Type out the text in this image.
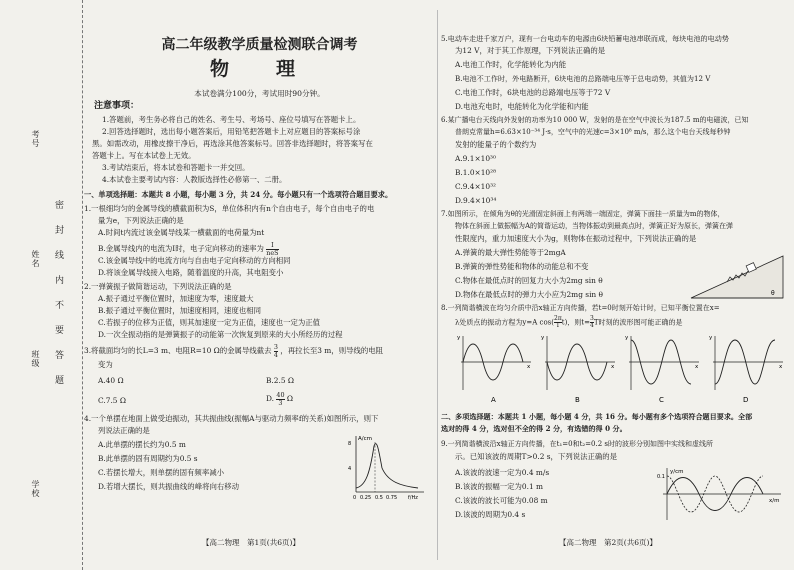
考号
姓名
班级
学校
密
封
线
内
不
要
答
题
高二年级教学质量检测联合调考
物　理
本试卷满分100分，考试用时90分钟。
注意事项：
1.答题前，考生务必将自己的姓名、考生号、考场号、座位号填写在答题卡上。
2.回答选择题时，选出每小题答案后，用铅笔把答题卡上对应题目的答案标号涂
黑。如需改动，用橡皮擦干净后，再选涂其他答案标号。回答非选择题时，将答案写在
答题卡上。写在本试卷上无效。
3.考试结束后，将本试卷和答题卡一并交回。
4.本试卷主要考试内容：人教版选择性必修第一、二册。
一、单项选择题：本题共 8 小题，每小题 3 分，共 24 分。每小题只有一个选项符合题目要求。
1.一根细均匀的金属导线的横截面积为S，单位体积内有n个自由电子，每个自由电子的电
量为e，下列说法正确的是
A.时间t内流过该金属导线某一横截面的电荷量为nt
B.金属导线内的电流为I时，电子定向移动的速率为	I
neS
C.该金属导线中的电流方向与自由电子定向移动的方向相同
D.将该金属导线接入电路，随着温度的升高，其电阻变小
2.一弹簧振子做简谐运动，下列说法正确的是
A.振子通过平衡位置时，加速度为零，速度最大
B.振子通过平衡位置时，加速度相同，速度也相同
C.若振子的位移为正值，则其加速度一定为正值，速度也一定为正值
D.一次全振动指的是弹簧振子的动能第一次恢复到原来的大小所经历的过程
3.将截面均匀的长L=3 m、电阻R=10 Ω的金属导线截去 $\frac{3}{4}$ ，再拉长至3 m，则导线的电阻
变为
A.40 Ω	B.2.5 Ω
C.7.5 Ω	D. $\frac{40}{3}$ Ω
4.一个单摆在地面上做受迫振动，其共振曲线(振幅A与驱动力频率f的关系)如图所示，则下
列说法正确的是
A.此单摆的摆长约为0.5 m
B.此单摆的固有周期约为0.5 s
C.若摆长增大，则单摆的固有频率减小
D.若增大摆长，则共振曲线的峰将向右移动
A/cm
8
4
0 0.25 0.5 0.75 f/Hz
【高二物理　第1页(共6页)】
5.电动车走进千家万户，现有一台电动车的电源由6块铅蓄电池串联而成，每块电池的电动势
为12 V，对于其工作原理，下列说法正确的是
A.电池工作时，化学能转化为内能
B.电池不工作时，外电路断开，6块电池的总路端电压等于总电动势，其值为12 V
C.电池工作时，6块电池的总路端电压等于72 V
D.电池充电时，电能转化为化学能和内能
6.某广播电台天线向外发射的功率为10 000 W，发射的是在空气中波长为187.5 m的电磁波，已知
普朗克常量h=6.63×10⁻³⁴ J·s，空气中的光速c=3×10⁸ m/s，那么这个电台天线每秒钟
发射的能量子的个数约为
A.9.1×10³⁰
B.1.0×10²⁸
C.9.4×10³²
D.9.4×10³⁴
7.如图所示，在倾角为θ的光滑固定斜面上有两端一端固定，弹簧下面挂一质量为m的物体，
物体在斜面上做振幅为A的简谐运动，当物体振动到最高点时，弹簧正好为原长，弹簧在弹
性限度内，重力加速度大小为g，则物体在振动过程中，下列说法正确的是
A.弹簧的最大弹性势能等于2mgA
B.弹簧的弹性势能和物体的动能总和不变
C.物体在最低点时的回复力大小为2mg sin θ
D.物体在最低点时的弹力大小应为2mg sin θ	θ
8.一列简谐横波在均匀介质中沿x轴正方向传播，若t=0时刻开始计时，已知平衡位置在x=
λ处质点的振动方程为y=A $\cos( \frac{2\pi}{T} t)$，则$t= \frac{3}{4}$ T时刻的波形图可能正确的是
y
x
A
y
x
B
y
x
C
y
x
D
二、多项选择题：本题共 1 小题，每小题 4 分，共 16 分。每小题有多个选项符合题目要求。全部
选对的得 4 分，选对但不全的得 2 分，有选错的得 0 分。
9.一列简谐横波沿x轴正方向传播，在t₁=0和t₂=0.2 s时的波形分别如图中实线和虚线所
示。已知该波的周期T>0.2 s，下列说法正确的是
A.该波的波速一定为0.4 m/s
B.该波的振幅一定为0.1 m
C.该波的波长可能为0.08 m
D.该波的周期为0.4 s
y/cm
0.1
x/m
【高二物理　第2页(共6页)】
